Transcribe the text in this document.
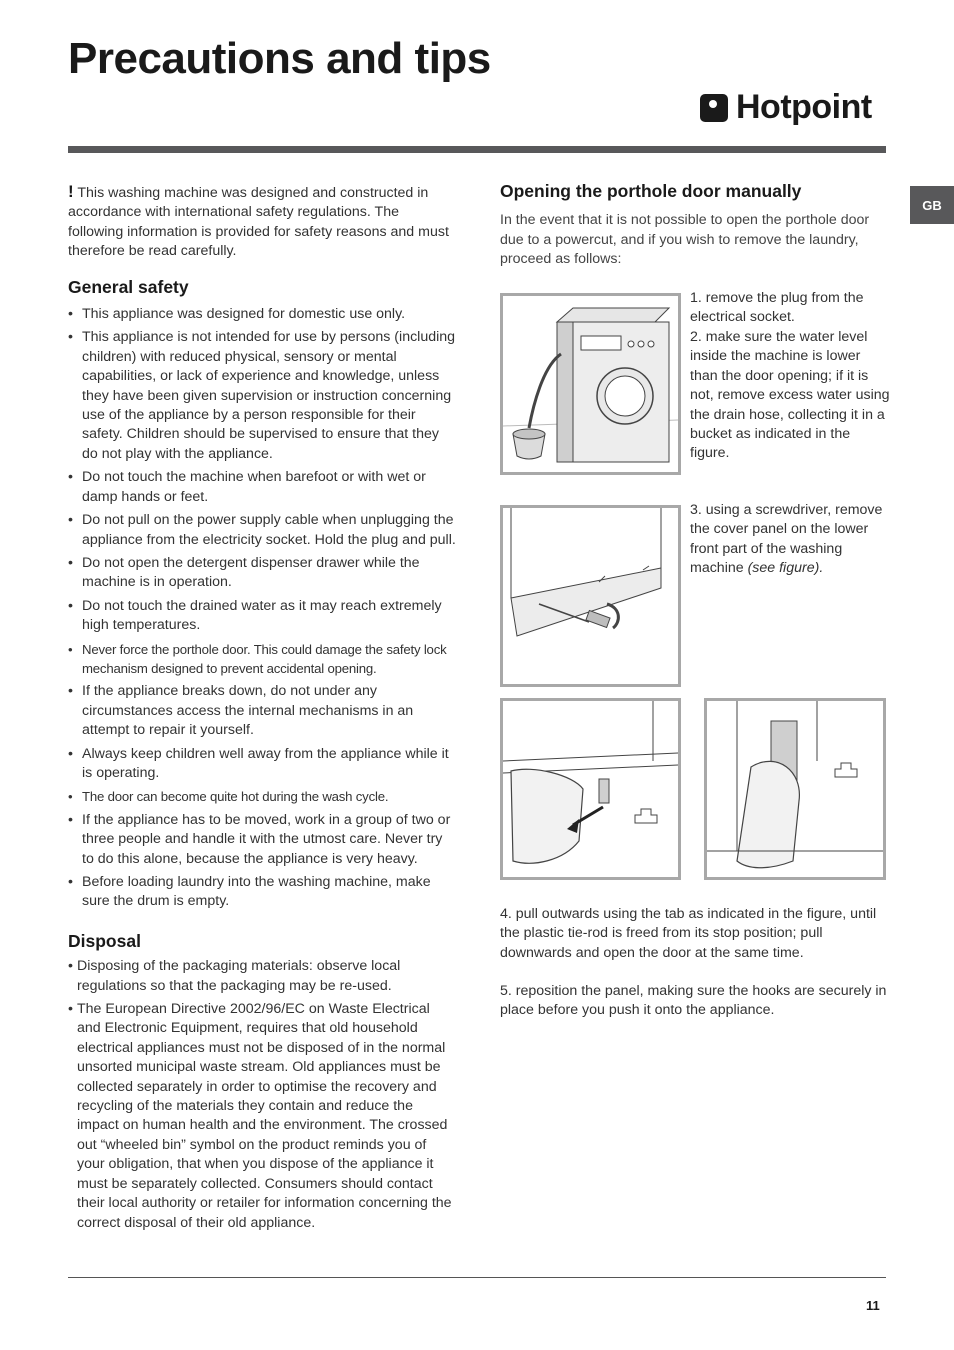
Precautions and tips
Hotpoint
GB

! This washing machine was designed and constructed in accordance with international safety regulations. The following information is provided for safety reasons and must therefore be read carefully.

General safety
• This appliance was designed for domestic use only.
• This appliance is not intended for use by persons (including children) with reduced physical, sensory or mental capabilities, or lack of experience and knowledge, unless they have been given supervision or instruction concerning use of the appliance by a person responsible for their safety. Children should be supervised to ensure that they do not play with the appliance.
• Do not touch the machine when barefoot or with wet or damp hands or feet.
• Do not pull on the power supply cable when unplugging the appliance from the electricity socket. Hold the plug and pull.
• Do not open the detergent dispenser drawer while the machine is in operation.
• Do not touch the drained water as it may reach extremely high temperatures.
• Never force the porthole door. This could damage the safety lock mechanism designed to prevent accidental opening.
• If the appliance breaks down, do not under any circumstances access the internal mechanisms in an attempt to repair it yourself.
• Always keep children well away from the appliance while it is operating.
• The door can become quite hot during the wash cycle.
• If the appliance has to be moved, work in a group of two or three people and handle it with the utmost care. Never try to do this alone, because the appliance is very heavy.
• Before loading laundry into the washing machine, make sure the drum is empty.
Disposal
• Disposing of the packaging materials: observe local regulations so that the packaging may be re-used.
• The European Directive 2002/96/EC on Waste Electrical and Electronic Equipment, requires that old household electrical appliances must not be disposed of in the normal unsorted municipal waste stream. Old appliances must be collected separately in order to optimise the recovery and recycling of the materials they contain and reduce the impact on human health and the environment. The crossed out “wheeled bin” symbol on the product reminds you of your obligation, that when you dispose of the appliance it must be separately collected. Consumers should contact their local authority or retailer for information concerning the correct disposal of their old appliance.
Opening the porthole door manually

In the event that it is not possible to open the porthole door due to a powercut, and if you wish to remove the laundry, proceed as follows:

1. remove the plug from the electrical socket.
2. make sure the water level inside the machine is lower than the door opening; if it is not, remove excess water using the drain hose, collecting it in a bucket as indicated in the figure.
3. using a screwdriver, remove the cover panel on the lower front part of the washing machine (see figure).
4. pull outwards using the tab as indicated in the figure, until the plastic tie-rod is freed from its stop position; pull downwards and open the door at the same time.
5. reposition the panel, making sure the hooks are securely in place before you push it onto the appliance.
11
